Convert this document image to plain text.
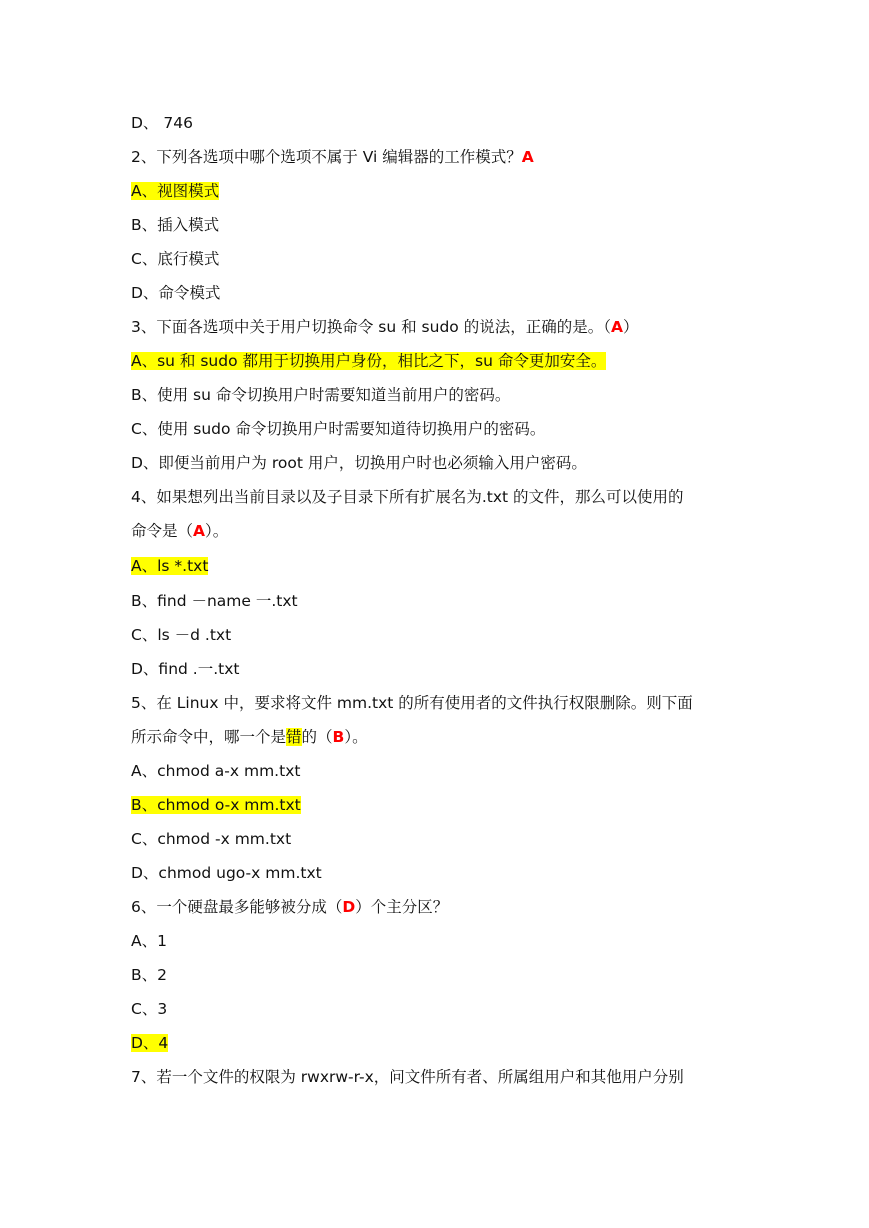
D、 746
2、下列各选项中哪个选项不属于 Vi 编辑器的工作模式？A
A、视图模式
B、插入模式
C、底行模式
D、命令模式
3、下面各选项中关于用户切换命令 su 和 sudo 的说法，正确的是。（A）
A、su 和 sudo 都用于切换用户身份，相比之下，su 命令更加安全。
B、使用 su 命令切换用户时需要知道当前用户的密码。
C、使用 sudo 命令切换用户时需要知道待切换用户的密码。
D、即便当前用户为 root 用户，切换用户时也必须输入用户密码。
4、如果想列出当前目录以及子目录下所有扩展名为.txt 的文件，那么可以使用的
命令是（A）。
A、ls *.txt
B、find －name 一.txt
C、ls －d .txt
D、find .一.txt
5、在 Linux 中，要求将文件 mm.txt 的所有使用者的文件执行权限删除。则下面
所示命令中，哪一个是错的（B）。
A、chmod a-x mm.txt
B、chmod o-x mm.txt
C、chmod -x mm.txt
D、chmod ugo-x mm.txt
6、一个硬盘最多能够被分成（D）个主分区？
A、1
B、2
C、3
D、4
7、若一个文件的权限为 rwxrw-r-x，问文件所有者、所属组用户和其他用户分别
